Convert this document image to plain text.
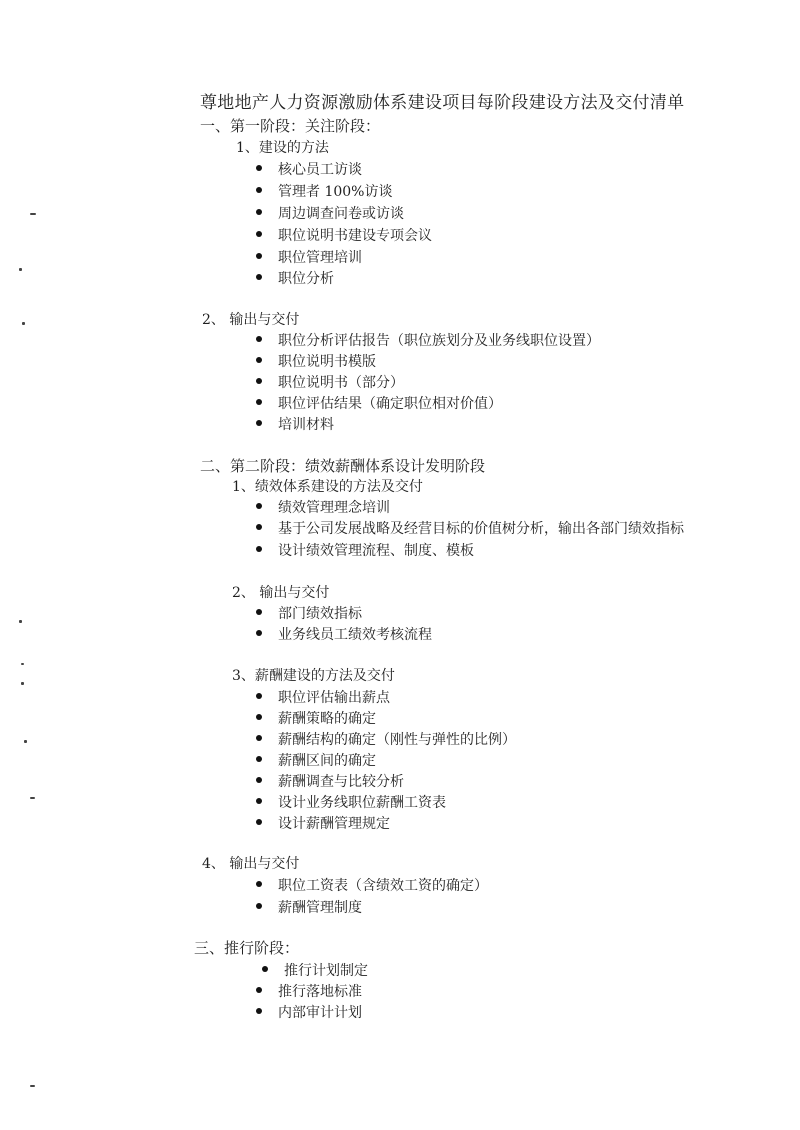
尊地地产人力资源激励体系建设项目每阶段建设方法及交付清单
一、第一阶段：关注阶段：
1、建设的方法
核心员工访谈
管理者 100%访谈
周边调查问卷或访谈
职位说明书建设专项会议
职位管理培训
职位分析
2、 输出与交付
职位分析评估报告（职位族划分及业务线职位设置）
职位说明书模版
职位说明书（部分）
职位评估结果（确定职位相对价值）
培训材料
二、第二阶段：绩效薪酬体系设计发明阶段
1、绩效体系建设的方法及交付
绩效管理理念培训
基于公司发展战略及经营目标的价值树分析，输出各部门绩效指标
设计绩效管理流程、制度、模板
2、 输出与交付
部门绩效指标
业务线员工绩效考核流程
3、薪酬建设的方法及交付
职位评估输出薪点
薪酬策略的确定
薪酬结构的确定（刚性与弹性的比例）
薪酬区间的确定
薪酬调查与比较分析
设计业务线职位薪酬工资表
设计薪酬管理规定
4、 输出与交付
职位工资表（含绩效工资的确定）
薪酬管理制度
三、推行阶段：
推行计划制定
推行落地标准
内部审计计划
